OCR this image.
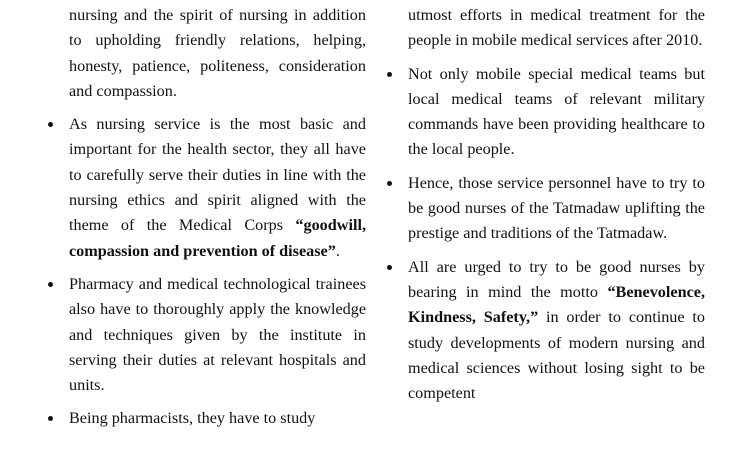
nursing and the spirit of nursing in addition to upholding friendly relations, helping, honesty, patience, politeness, consideration and compassion.

As nursing service is the most basic and important for the health sector, they all have to carefully serve their duties in line with the nursing ethics and spirit aligned with the theme of the Medical Corps “goodwill, compassion and prevention of disease”.

Pharmacy and medical technological trainees also have to thoroughly apply the knowledge and techniques given by the institute in serving their duties at relevant hospitals and units.

Being pharmacists, they have to study

utmost efforts in medical treatment for the people in mobile medical services after 2010.

Not only mobile special medical teams but local medical teams of relevant military commands have been providing healthcare to the local people.

Hence, those service personnel have to try to be good nurses of the Tatmadaw uplifting the prestige and traditions of the Tatmadaw.

All are urged to try to be good nurses by bearing in mind the motto “Benevolence, Kindness, Safety,” in order to continue to study developments of modern nursing and medical sciences without losing sight to be competent
